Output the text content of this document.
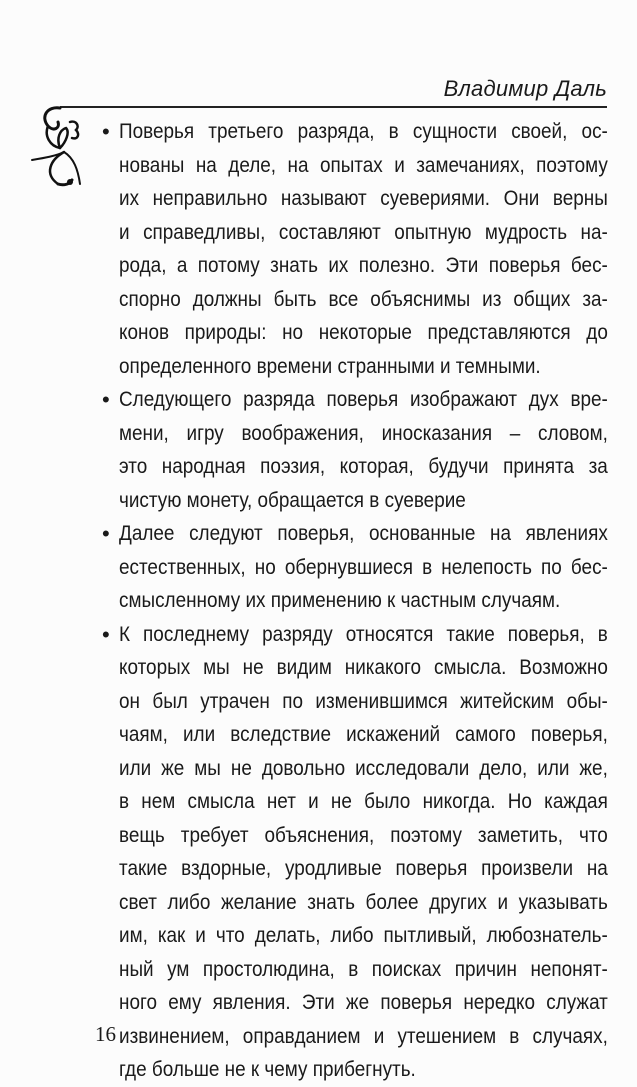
Владимир Даль
• Поверья третьего разряда, в сущности своей, ос-
нованы на деле, на опытах и замечаниях, поэтому
их неправильно называют суевериями. Они верны
и справедливы, составляют опытную мудрость на-
рода, а потому знать их полезно. Эти поверья бес-
спорно должны быть все объяснимы из общих за-
конов природы: но некоторые представляются до
определенного времени странными и темными.
• Следующего разряда поверья изображают дух вре-
мени, игру воображения, иносказания – словом,
это народная поэзия, которая, будучи принята за
чистую монету, обращается в суеверие
• Далее следуют поверья, основанные на явлениях
естественных, но обернувшиеся в нелепость по бес-
смысленному их применению к частным случаям.
• К последнему разряду относятся такие поверья, в
которых мы не видим никакого смысла. Возможно
он был утрачен по изменившимся житейским обы-
чаям, или вследствие искажений самого поверья,
или же мы не довольно исследовали дело, или же,
в нем смысла нет и не было никогда. Но каждая
вещь требует объяснения, поэтому заметить, что
такие вздорные, уродливые поверья произвели на
свет либо желание знать более других и указывать
им, как и что делать, либо пытливый, любознатель-
ный ум простолюдина, в поисках причин непонят-
ного ему явления. Эти же поверья нередко служат
извинением, оправданием и утешением в случаях,
где больше не к чему прибегнуть.
16
